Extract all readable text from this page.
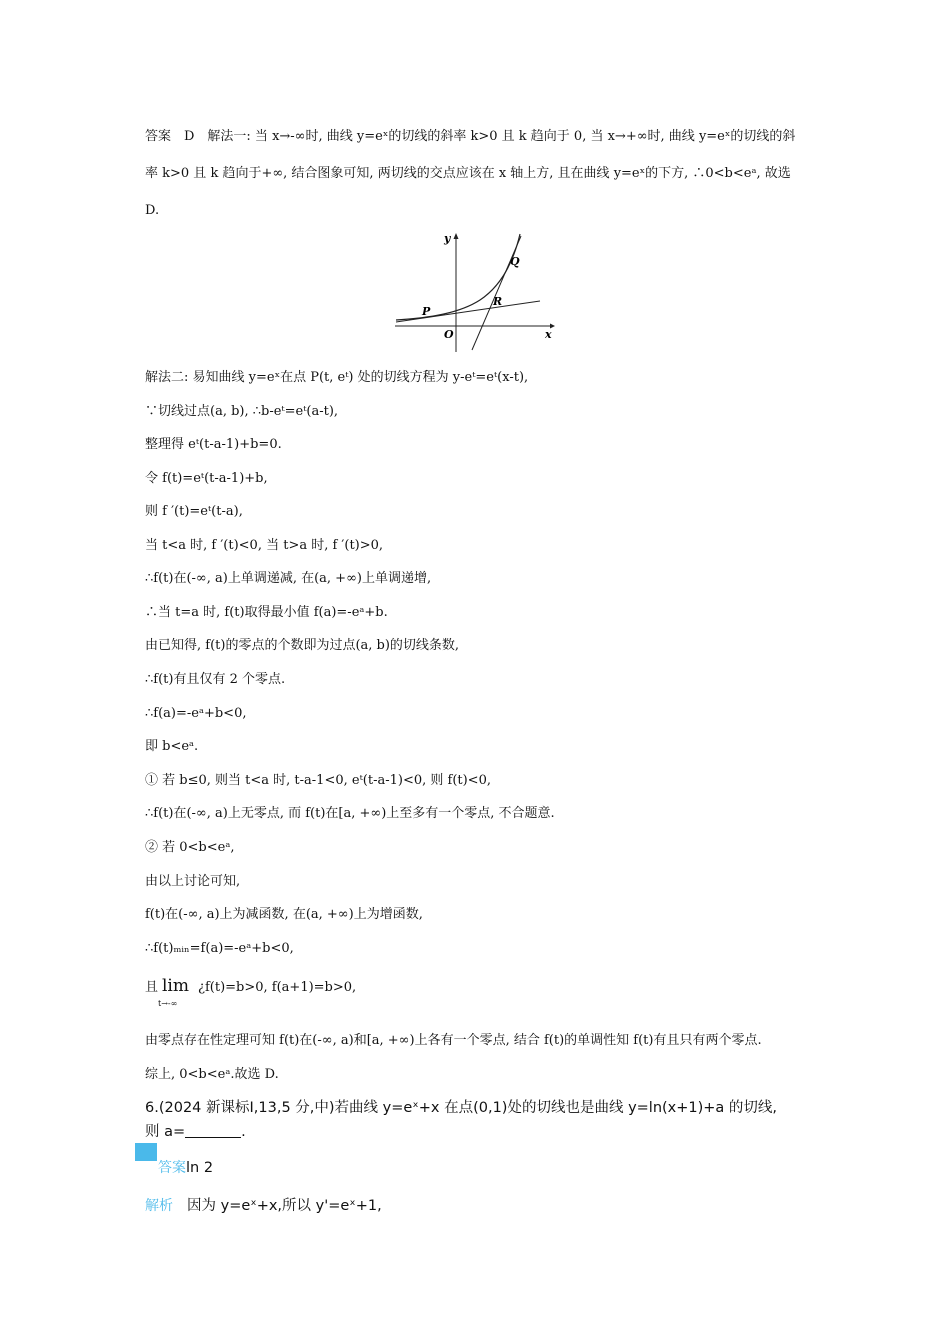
答案　D　解法一: 当 x→-∞时, 曲线 y=eˣ的切线的斜率 k>0 且 k 趋向于 0, 当 x→+∞时, 曲线 y=eˣ的切线的斜
率 k>0 且 k 趋向于+∞, 结合图象可知, 两切线的交点应该在 x 轴上方, 且在曲线 y=eˣ的下方, ∴0<b<eᵃ, 故选
D.
y
x
O
P
Q
R
解法二: 易知曲线 y=eˣ在点 P(t, eᵗ) 处的切线方程为 y-eᵗ=eᵗ(x-t),
∵切线过点(a, b), ∴b-eᵗ=eᵗ(a-t),
整理得 eᵗ(t-a-1)+b=0.
令 f(t)=eᵗ(t-a-1)+b,
则 f ′(t)=eᵗ(t-a),
当 t<a 时, f ′(t)<0, 当 t>a 时, f ′(t)>0,
∴f(t)在(-∞, a)上单调递减, 在(a, +∞)上单调递增,
∴当 t=a 时, f(t)取得最小值 f(a)=-eᵃ+b.
由已知得, f(t)的零点的个数即为过点(a, b)的切线条数,
∴f(t)有且仅有 2 个零点.
∴f(a)=-eᵃ+b<0,
即 b<eᵃ.
① 若 b≤0, 则当 t<a 时, t-a-1<0, eᵗ(t-a-1)<0, 则 f(t)<0,
∴f(t)在(-∞, a)上无零点, 而 f(t)在[a, +∞)上至多有一个零点, 不合题意.
② 若 0<b<eᵃ,
由以上讨论可知,
f(t)在(-∞, a)上为减函数, 在(a, +∞)上为增函数,
∴f(t)ₘᵢₙ=f(a)=-eᵃ+b<0,
且 lim
t→-∞
¿f(t)=b>0, f(a+1)=b>0,
由零点存在性定理可知 f(t)在(-∞, a)和[a, +∞)上各有一个零点, 结合 f(t)的单调性知 f(t)有且只有两个零点.
综上, 0<b<eᵃ.故选 D.
6.(2024 新课标Ⅰ,13,5 分,中)若曲线 y=eˣ+x 在点(0,1)处的切线也是曲线 y=ln(x+1)+a 的切线,
则 a=	.
答案ln 2
解析 因为 y=eˣ+x,所以 y'=eˣ+1,
